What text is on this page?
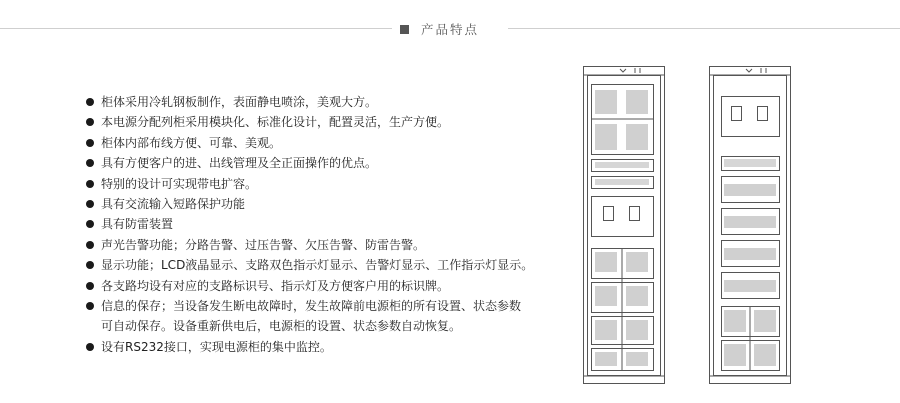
产品特点
柜体采用冷轧钢板制作，表面静电喷涂，美观大方。
本电源分配列柜采用模块化、标准化设计，配置灵活，生产方便。
柜体内部布线方便、可靠、美观。
具有方便客户的进、出线管理及全正面操作的优点。
特别的设计可实现带电扩容。
具有交流输入短路保护功能
具有防雷装置
声光告警功能；分路告警、过压告警、欠压告警、防雷告警。
显示功能；LCD液晶显示、支路双色指示灯显示、告警灯显示、工作指示灯显示。
各支路均设有对应的支路标识号、指示灯及方便客户用的标识牌。
信息的保存；当设备发生断电故障时，发生故障前电源柜的所有设置、状态参数
可自动保存。设备重新供电后，电源柜的设置、状态参数自动恢复。
设有RS232接口，实现电源柜的集中监控。
